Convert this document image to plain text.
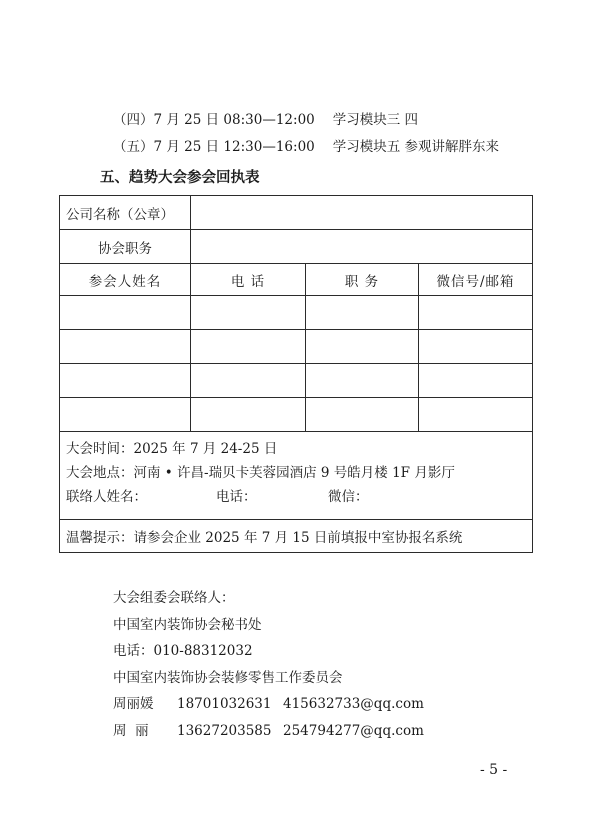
（四）7 月 25 日 08:30—12:00 学习模块三 四
（五）7 月 25 日 12:30—16:00 学习模块五 参观讲解胖东来
五、趋势大会参会回执表
公司名称（公章）			
协会职务			
参会人姓名	电 话	职 务	微信号/邮箱

大会时间：2025 年 7 月 24-25 日
大会地点：河南 • 许昌-瑞贝卡芙蓉园酒店 9 号皓月楼 1F 月影厅
联络人姓名： 电话： 微信：			

温馨提示：请参会企业 2025 年 7 月 15 日前填报中室协报名系统			
大会组委会联络人：
中国室内装饰协会秘书处
电话：010-88312032
中国室内装饰协会装修零售工作委员会
周丽媛 18701032631 415632733@qq.com
周  丽 13627203585 254794277@qq.com
- 5 -
